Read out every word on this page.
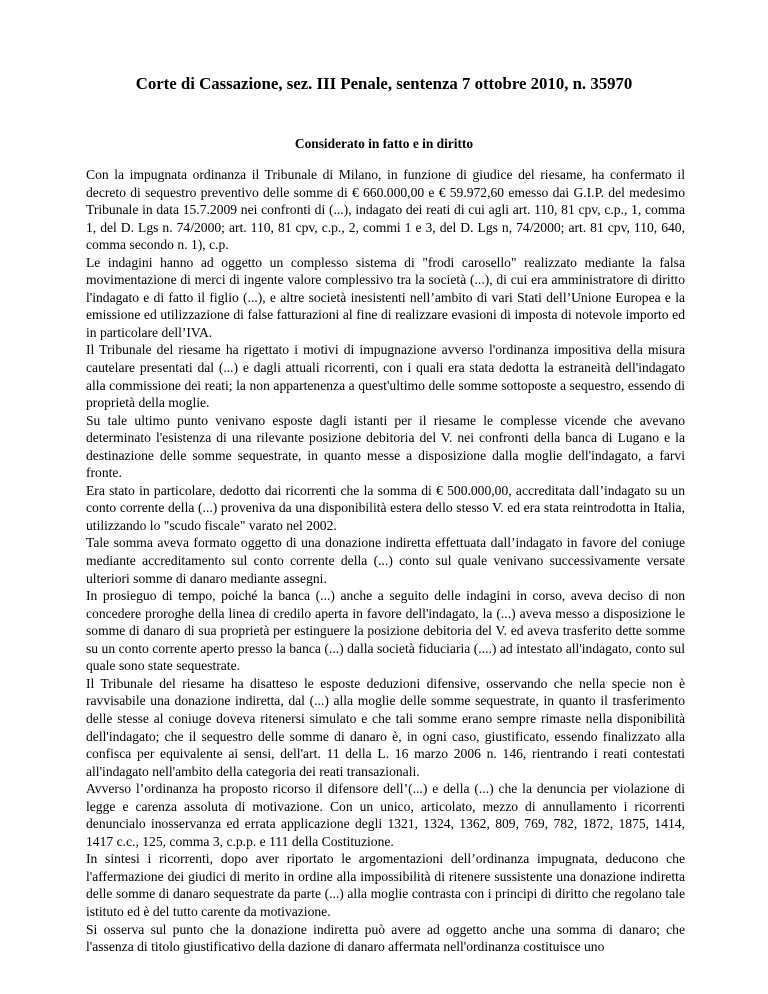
Corte di Cassazione, sez. III Penale, sentenza 7 ottobre 2010, n. 35970
Considerato in fatto e in diritto

Con la impugnata ordinanza il Tribunale di Milano, in funzione di giudice del riesame, ha confermato il decreto di sequestro preventivo delle somme di € 660.000,00 e € 59.972,60 emesso dai G.I.P. del medesimo Tribunale in data 15.7.2009 nei confronti di (...), indagato dei reati di cui agli art. 110, 81 cpv, c.p., 1, comma 1, del D. Lgs n. 74/2000; art. 110, 81 cpv, c.p., 2, commi 1 e 3, del D. Lgs n, 74/2000; art. 81 cpv, 110, 640, comma secondo n. 1), c.p.

Le indagini hanno ad oggetto un complesso sistema di "frodi carosello" realizzato mediante la falsa movimentazione di merci di ingente valore complessivo tra la società (...), di cui era amministratore di diritto l'indagato e di fatto il figlio (...), e altre società inesistenti nell’ambito di vari Stati dell’Unione Europea e la emissione ed utilizzazione di false fatturazioni al fine di realizzare evasioni di imposta di notevole importo ed in particolare dell’IVA.

Il Tribunale del riesame ha rigettato i motivi di impugnazione avverso l'ordinanza impositiva della misura cautelare presentati dal (...) e dagli attuali ricorrenti, con i quali era stata dedotta la estraneità dell'indagato alla commissione dei reati; la non appartenenza a quest'ultimo delle somme sottoposte a sequestro, essendo di proprietà della moglie.

Su tale ultimo punto venivano esposte dagli istanti per il riesame le complesse vicende che avevano determinato l'esistenza di una rilevante posizione debitoria del V. nei confronti della banca di Lugano e la destinazione delle somme sequestrate, in quanto messe a disposizione dalla moglie dell'indagato, a farvi fronte.

Era stato in particolare, dedotto dai ricorrenti che la somma di € 500.000,00, accreditata dall’indagato su un conto corrente della (...) proveniva da una disponibilità estera dello stesso V. ed era stata reintrodotta in Italia, utilizzando lo "scudo fiscale" varato nel 2002.

Tale somma aveva formato oggetto di una donazione indiretta effettuata dall’indagato in favore del coniuge mediante accreditamento sul conto corrente della (...) conto sul quale venivano successivamente versate ulteriori somme di danaro mediante assegni.

In prosieguo di tempo, poiché la banca (...) anche a seguito delle indagini in corso, aveva deciso di non concedere proroghe della linea di credilo aperta in favore dell'indagato, la (...) aveva messo a disposizione le somme di danaro di sua proprietà per estinguere la posizione debitoria del V. ed aveva trasferito dette somme su un conto corrente aperto presso la banca (...) dalla società fiduciaria (....) ad intestato all'indagato, conto sul quale sono state sequestrate.

Il Tribunale del riesame ha disatteso le esposte deduzioni difensive, osservando che nella specie non è ravvisabile una donazione indiretta, dal (...) alla moglie delle somme sequestrate, in quanto il trasferimento delle stesse al coniuge doveva ritenersi simulato e che tali somme erano sempre rimaste nella disponibilità dell'indagato; che il sequestro delle somme di danaro è, in ogni caso, giustificato, essendo finalizzato alla confisca per equivalente ai sensi, dell'art. 11 della L. 16 marzo 2006 n. 146, rientrando i reati contestati all'indagato nell'ambito della categoria dei reati transazionali.

Avverso l’ordinanza ha proposto ricorso il difensore dell’(...) e della (...) che la denuncia per violazione di legge e carenza assoluta di motivazione. Con un unico, articolato, mezzo di annullamento i ricorrenti denuncialo inosservanza ed errata applicazione degli 1321, 1324, 1362, 809, 769, 782, 1872, 1875, 1414, 1417 c.c., 125, comma 3, c.p.p. e 111 della Costituzione.

In sintesi i ricorrenti, dopo aver riportato le argomentazioni dell’ordinanza impugnata, deducono che l'affermazione dei giudici di merito in ordine alla impossibilità di ritenere sussistente una donazione indiretta delle somme di danaro sequestrate da parte (...) alla moglie contrasta con i principi di diritto che regolano tale istituto ed è del tutto carente da motivazione.

Si osserva sul punto che la donazione indiretta può avere ad oggetto anche una somma di danaro; che l'assenza di titolo giustificativo della dazione di danaro affermata nell'ordinanza costituisce uno
